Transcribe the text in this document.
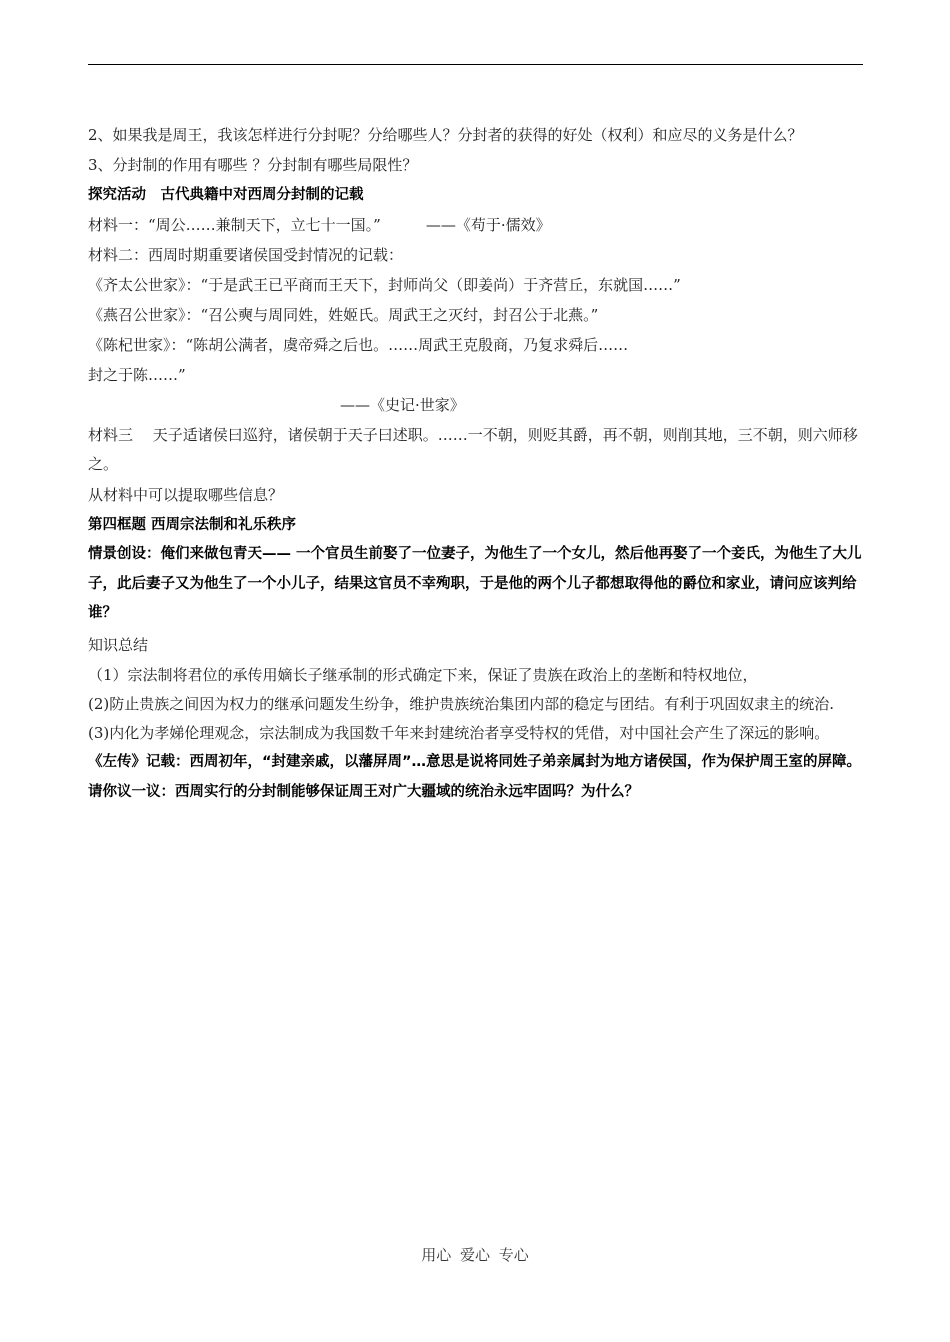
2、如果我是周王，我该怎样进行分封呢？分给哪些人？分封者的获得的好处（权利）和应尽的义务是什么？
3、分封制的作用有哪些 ？分封制有哪些局限性？
探究活动　古代典籍中对西周分封制的记载
材料一：“周公……兼制天下，立七十一国。”　　　——《苟于·儒效》
材料二：西周时期重要诸侯国受封情况的记载：
《齐太公世家》：“于是武王已平商而王天下，封师尚父（即姜尚）于齐营丘，东就国……”
《燕召公世家》：“召公奭与周同姓，姓姬氏。周武王之灭纣，封召公于北燕。”
《陈杞世家》：“陈胡公满者，虞帝舜之后也。……周武王克殷商，乃复求舜后……
封之于陈……”
——《史记·世家》
材料三　 天子适诸侯曰巡狩，诸侯朝于天子曰述职。……一不朝，则贬其爵，再不朝，则削其地，三不朝，则六师移之。
从材料中可以提取哪些信息？
第四框题 西周宗法制和礼乐秩序
情景创设：俺们来做包青天—— 一个官员生前娶了一位妻子，为他生了一个女儿，然后他再娶了一个妾氏，为他生了大儿子，此后妻子又为他生了一个小儿子，结果这官员不幸殉职，于是他的两个儿子都想取得他的爵位和家业，请问应该判给谁？
知识总结
（1）宗法制将君位的承传用嫡长子继承制的形式确定下来，保证了贵族在政治上的垄断和特权地位，
(2)防止贵族之间因为权力的继承问题发生纷争，维护贵族统治集团内部的稳定与团结。有利于巩固奴隶主的统治.
(3)内化为孝娣伦理观念，宗法制成为我国数千年来封建统治者享受特权的凭借，对中国社会产生了深远的影响。
《左传》记载：西周初年，“封建亲戚，以藩屏周”…意思是说将同姓子弟亲属封为地方诸侯国，作为保护周王室的屏障。
请你议一议：西周实行的分封制能够保证周王对广大疆域的统治永远牢固吗？为什么？
用心 爱心 专心
